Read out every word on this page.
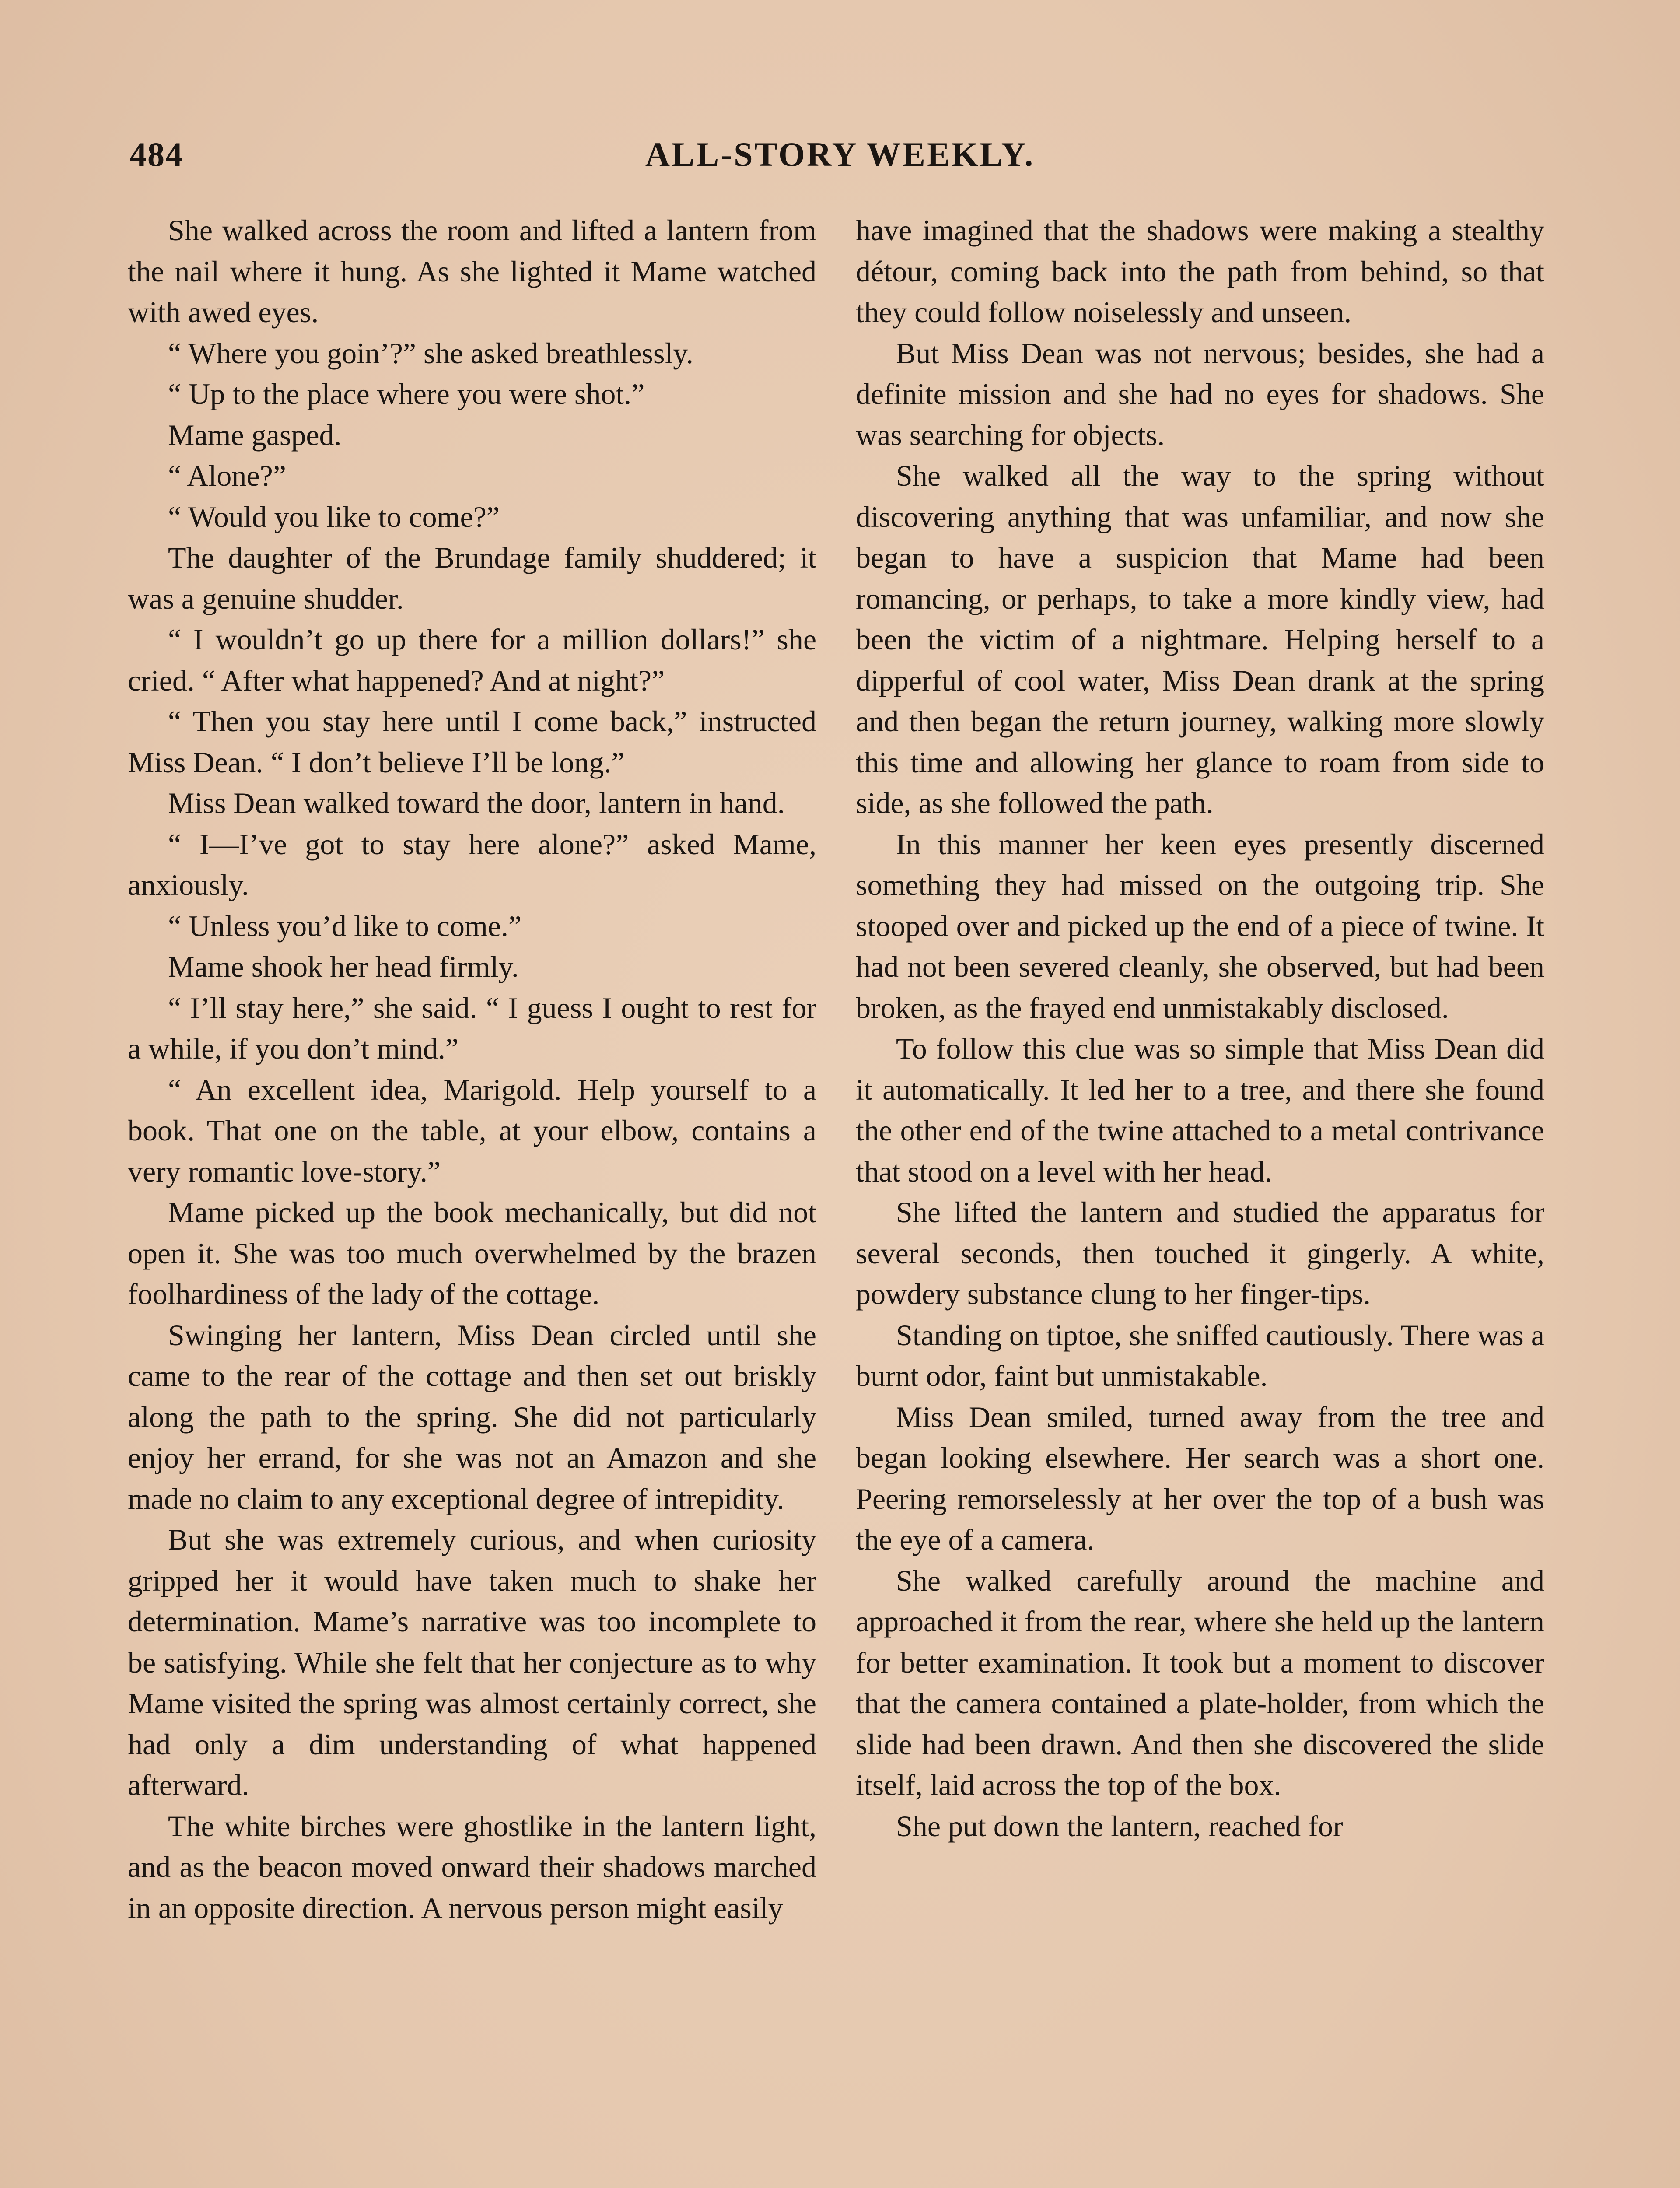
484	ALL-STORY WEEKLY.

She walked across the room and lifted a lantern from the nail where it hung. As she lighted it Mame watched with awed eyes.

“ Where you goin’?” she asked breathlessly.

“ Up to the place where you were shot.”

Mame gasped.

“ Alone?”

“ Would you like to come?”

The daughter of the Brundage family shuddered; it was a genuine shudder.

“ I wouldn’t go up there for a million dollars!” she cried. “ After what happened? And at night?”

“ Then you stay here until I come back,” instructed Miss Dean. “ I don’t believe I’ll be long.”

Miss Dean walked toward the door, lantern in hand.

“ I—I’ve got to stay here alone?” asked Mame, anxiously.

“ Unless you’d like to come.”

Mame shook her head firmly.

“ I’ll stay here,” she said. “ I guess I ought to rest for a while, if you don’t mind.”

“ An excellent idea, Marigold. Help yourself to a book. That one on the table, at your elbow, contains a very romantic love-story.”

Mame picked up the book mechanically, but did not open it. She was too much overwhelmed by the brazen foolhardiness of the lady of the cottage.

Swinging her lantern, Miss Dean circled until she came to the rear of the cottage and then set out briskly along the path to the spring. She did not particularly enjoy her errand, for she was not an Amazon and she made no claim to any exceptional degree of intrepidity.

But she was extremely curious, and when curiosity gripped her it would have taken much to shake her determination. Mame’s narrative was too incomplete to be satisfying. While she felt that her conjecture as to why Mame visited the spring was almost certainly correct, she had only a dim understanding of what happened afterward.

The white birches were ghostlike in the lantern light, and as the beacon moved onward their shadows marched in an opposite direction. A nervous person might easily

have imagined that the shadows were making a stealthy détour, coming back into the path from behind, so that they could follow noiselessly and unseen.

But Miss Dean was not nervous; besides, she had a definite mission and she had no eyes for shadows. She was searching for objects.

She walked all the way to the spring without discovering anything that was unfamiliar, and now she began to have a suspicion that Mame had been romancing, or perhaps, to take a more kindly view, had been the victim of a nightmare. Helping herself to a dipperful of cool water, Miss Dean drank at the spring and then began the return journey, walking more slowly this time and allowing her glance to roam from side to side, as she followed the path.

In this manner her keen eyes presently discerned something they had missed on the outgoing trip. She stooped over and picked up the end of a piece of twine. It had not been severed cleanly, she observed, but had been broken, as the frayed end unmistakably disclosed.

To follow this clue was so simple that Miss Dean did it automatically. It led her to a tree, and there she found the other end of the twine attached to a metal contrivance that stood on a level with her head.

She lifted the lantern and studied the apparatus for several seconds, then touched it gingerly. A white, powdery substance clung to her finger-tips.

Standing on tiptoe, she sniffed cautiously. There was a burnt odor, faint but unmistakable.

Miss Dean smiled, turned away from the tree and began looking elsewhere. Her search was a short one. Peering remorselessly at her over the top of a bush was the eye of a camera.

She walked carefully around the machine and approached it from the rear, where she held up the lantern for better examination. It took but a moment to discover that the camera contained a plate-holder, from which the slide had been drawn. And then she discovered the slide itself, laid across the top of the box.

She put down the lantern, reached for
